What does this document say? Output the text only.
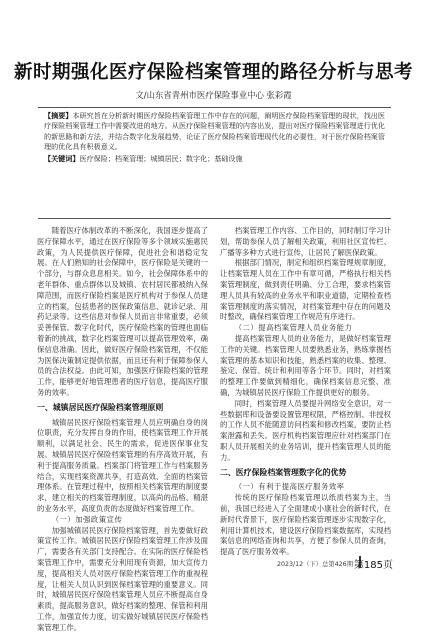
新时期强化医疗保险档案管理的路径分析与思考
文/山东省青州市医疗保险事业中心 张彩霞

【摘要】本研究旨在分析新时期医疗保险档案管理工作中存在的问题，阐明医疗保险档案管理的现状，找出医疗保险档案管理工作中需要改进的地方。从医疗保险档案管理的内容出发，提出对医疗保险档案管理进行优化的新思路和新方法，并结合数字化发展趋势，论证了医疗保险档案管理现代化的必要性，对于医疗保险档案管理的优化具有积极意义。

【关键词】医疗保险；档案管理；城镇居民；数字化；基础设施

随着医疗体制改革的不断深化，我国逐步提高了医疗保障水平，通过在医疗保险等多个领域实施惠民政策，为人民提供医疗保障，促进社会和谐稳定发展。在人们熟知的社会保障中，医疗保险是关键的一个部分，与群众息息相关。如今，社会保障体系中的老年群体、重点群体以及城镇、农村居民都被纳入保障范围，而医疗保险档案是医疗机构对于参保人员建立的档案，包括患者的医保政策信息、就诊记录、用药记录等。这些信息对参保人员而言非常重要，必须妥善保管。数字化时代，医疗保险档案的管理也面临着新的挑战，数字化档案管理可以提高管理效率，确保信息准确。因此，做好医疗保险档案管理，不仅能为医保决策制定提供依据，而且还有利于保障参保人员的合法权益。由此可知，加强医疗保险档案的管理工作，能够更好地管理患者的医疗信息，提高医疗服务的效率。

一、城镇居民医疗保险档案管理原则

城镇居民医疗保险档案管理人员应明确自身的岗位职责，充分发挥自身的作用，使档案管理工作开展顺利，以满足社会、民生的需求，促进医保事业发展。城镇居民医疗保险档案管理的有序高效开展，有利于提高服务质量。档案部门将管理工作与档案服务结合，实现档案资源共享，打造高效、全面的档案管理体系。在管理过程中，按照相关档案管理的制度要求，建立相关的档案管理制度，以高尚的品格、精湛的业务水平，高度负责的态度做好档案管理工作。

（一）加强政策宣传

加强城镇居民医疗保险档案管理，首先要做好政策宣传工作。城镇居民医疗保险档案管理工作涉及面广，需要各有关部门支持配合。在实际的医疗保险档案管理工作中，需要充分利用现有资源，加大宣传力度，提高相关人员对医疗保险档案管理工作的重视程度，让相关人员认识到医保档案管理的重要意义。同时，城镇居民医疗保险档案管理人员应不断提高自身素质，提高服务意识，做好档案的整理、保管和利用工作，加强宣传力度，切实做好城镇居民医疗保险档案管理工作。

档案管理工作内容、工作目的，同时制订学习计划，帮助参保人员了解相关政策，利用社区宣传栏、广播等多种方式进行宣传，让居民了解医保政策。

根据部门情况，制定和组织档案管理规章制度，让档案管理人员在工作中有章可循，严格执行相关档案管理制度，做到责任明确、分工合理，要求档案管理人员具有较高的业务水平和职业道德，定期检查档案管理制度的落实情况，对档案管理中存在的问题及时整改，确保档案管理工作规范有序进行。

（二）提高档案管理人员业务能力

提高档案管理人员的业务能力，是做好档案管理工作的关键。档案管理人员要熟悉业务，熟练掌握档案管理的基本知识和技能，熟悉档案的收集、整理、鉴定、保管、统计和利用等各个环节。同时，对档案的整理工作要做到精细化，确保档案信息完整、准确，为城镇居民医疗保险工作提供更好的服务。

同时，档案管理人员要提升网络安全意识，对一些数据库和设备要设置管理权限，严格控制、非授权的工作人员不能随意访问档案和修改档案，要防止档案泄露和丢失。医疗机构档案管理应针对档案部门在职人员开展相关的业务培训，提升档案管理人员的能力。

二、医疗保险档案管理数字化的优势

（一）有利于提高医疗服务效率

传统的医疗保险档案管理以纸质档案为主，当前，我国已经进入了全面建成小康社会的新时代，在新时代背景下，医疗保险档案管理逐步实现数字化，利用计算机技术，建设医疗保险档案数据库，实现档案信息的网络查询和共享，方便了参保人员的查询，提高了医疗服务效率。

2023/12（下）总第426期 第185页
